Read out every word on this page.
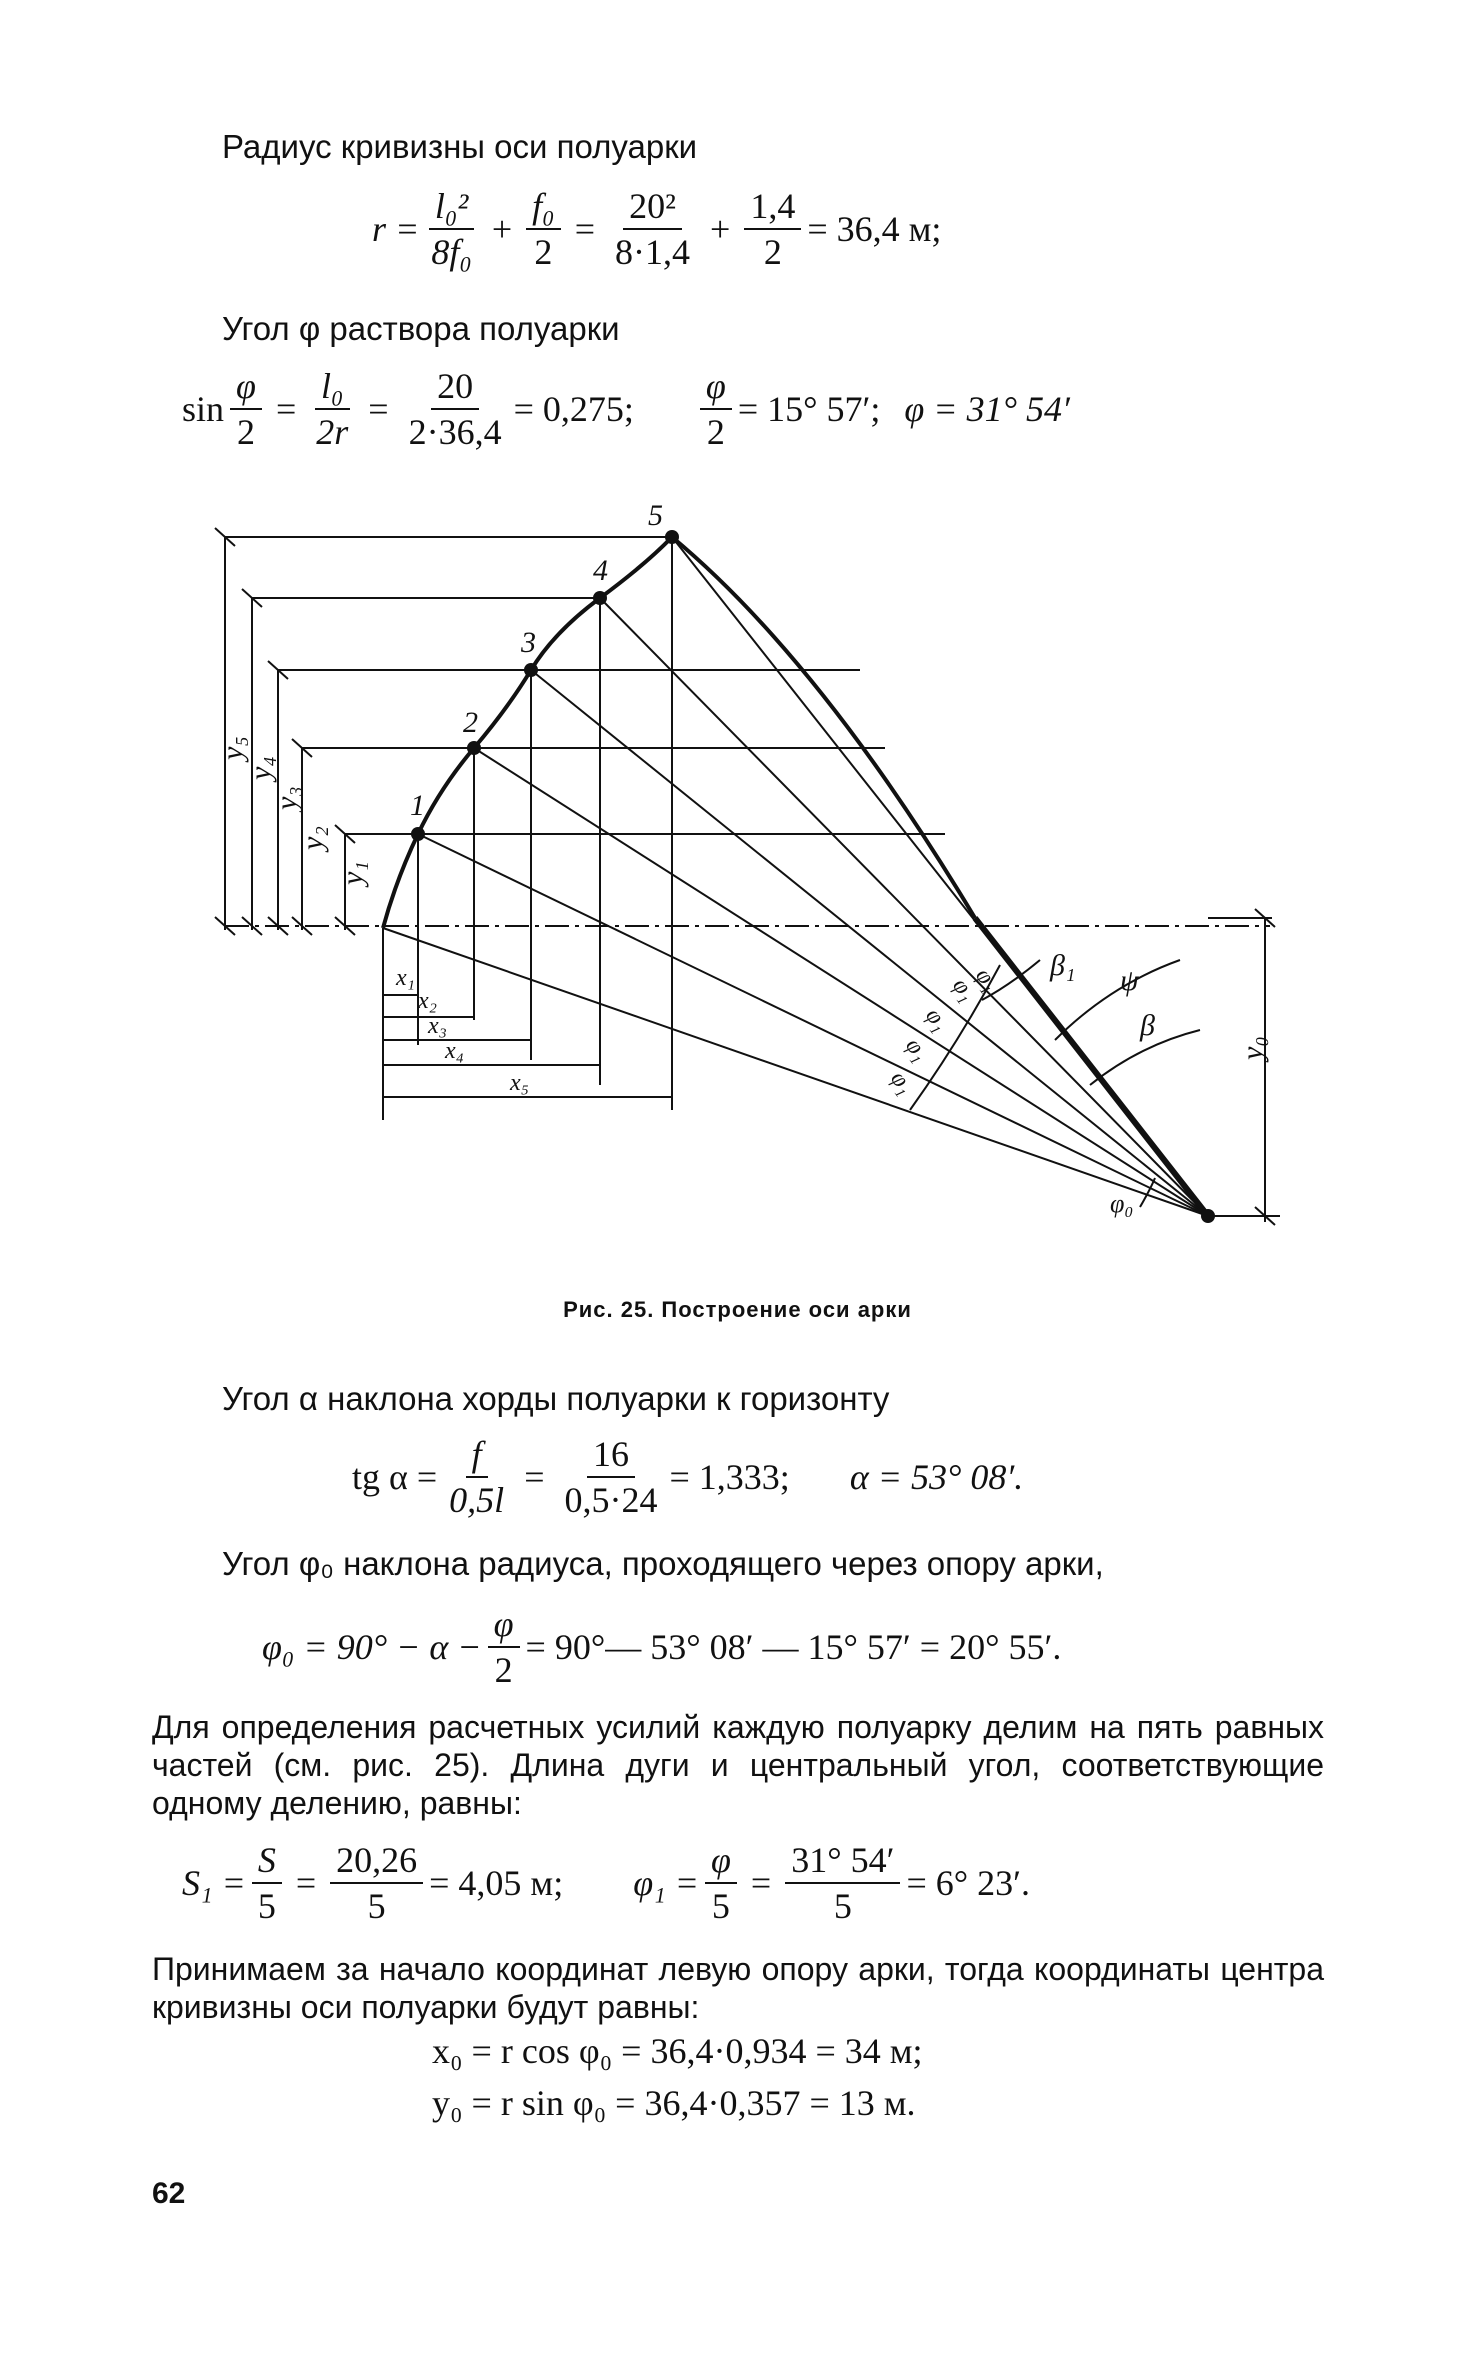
Радиус кривизны оси полуарки
$r = \frac{\text{l₀²}}{\text{8f₀}} + \frac{\text{f₀}}{2} = \frac{\text{20²}}{8\cdot 1,4} + \frac{1,4}{2} = 36,4$ м;
Угол φ раствора полуарки
$\sin \frac{\varphi}{2} = \frac{\text{l₀}}{2r} = \frac{20}{2\cdot 36,4} = 0,275$; $\frac{\varphi}{2} = 15^\circ$ 57′; φ = 31° 54′
1
2
3
4
5
y₁
y₂
y₃
y₄
y₅
x₁
x₂
x₃
x₄
x₅
φ₁
φ₁
φ₁
φ₁
φ₁
β₁ ψ
β
y₀
φ₀
Рис. 25. Построение оси арки
Угол α наклона хорды полуарки к горизонту
tg $\alpha = \frac{f}{0,5l} = \frac{16}{0,5\cdot 24} = 1,333$; α = 53° 08′.
Угол φ₀ наклона радиуса, проходящего через опору арки,
$\varphi_0 = 90^\circ - \alpha - \frac{\varphi}{2}$ = 90°— 53° 08′ — 15° 57′ = 20° 55′.
Для определения расчетных усилий каждую полуарку делим на пять равных частей (см. рис. 25). Длина дуги и центральный угол, соответствующие одному делению, равны:
$S_1 = \frac{S}{5} = \frac{20,26}{5} = 4,05$ м; $\varphi_1 = \frac{\varphi}{5} = \frac{31^\circ 54'}{5} = 6^\circ$ 23′.
Принимаем за начало координат левую опору арки, тогда координаты центра кривизны оси полуарки будут равны:
x₀ = r cos φ₀ = 36,4·0,934 = 34 м;
y₀ = r sin φ₀ = 36,4·0,357 = 13 м.
62
